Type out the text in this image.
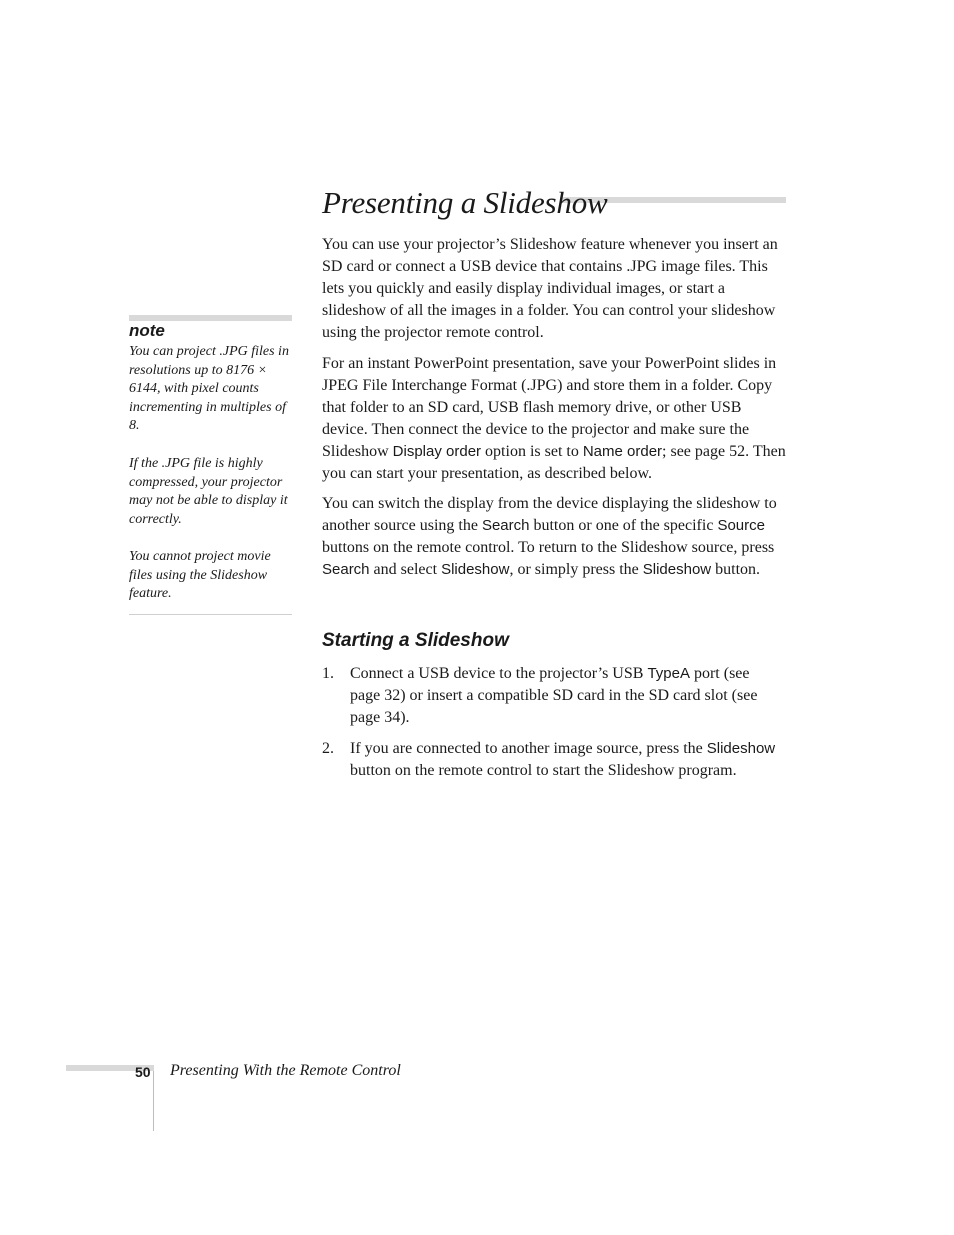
Presenting a Slideshow

You can use your projector’s Slideshow feature whenever you insert an SD card or connect a USB device that contains .JPG image files. This lets you quickly and easily display individual images, or start a slideshow of all the images in a folder. You can control your slideshow using the projector remote control.

For an instant PowerPoint presentation, save your PowerPoint slides in JPEG File Interchange Format (.JPG) and store them in a folder. Copy that folder to an SD card, USB flash memory drive, or other USB device. Then connect the device to the projector and make sure the Slideshow Display order option is set to Name order; see page 52. Then you can start your presentation, as described below.

You can switch the display from the device displaying the slideshow to another source using the Search button or one of the specific Source buttons on the remote control. To return to the Slideshow source, press Search and select Slideshow, or simply press the Slideshow button.

Starting a Slideshow
1. Connect a USB device to the projector’s USB TypeA port (see page 32) or insert a compatible SD card in the SD card slot (see page 34).
2. If you are connected to another image source, press the Slideshow button on the remote control to start the Slideshow program.

note

You can project .JPG files in resolutions up to 8176 × 6144, with pixel counts incrementing in multiples of 8.

If the .JPG file is highly compressed, your projector may not be able to display it correctly.

You cannot project movie files using the Slideshow feature.

50 Presenting With the Remote Control
